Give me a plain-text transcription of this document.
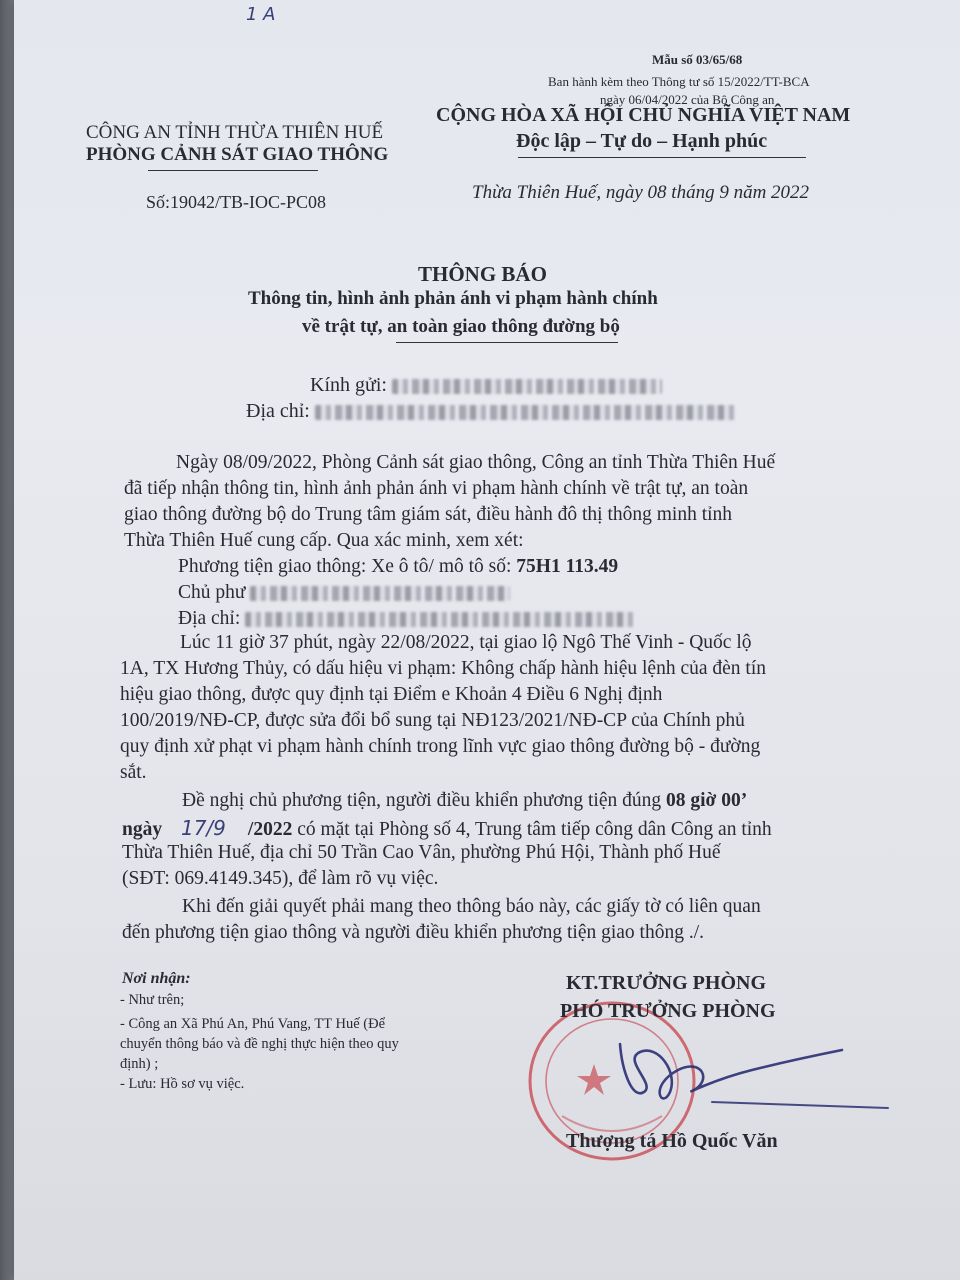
1 A
Mẫu số 03/65/68
Ban hành kèm theo Thông tư số 15/2022/TT-BCA
ngày 06/04/2022 của Bộ Công an
CÔNG AN TỈNH THỪA THIÊN HUẾ
PHÒNG CẢNH SÁT GIAO THÔNG
CỘNG HÒA XÃ HỘI CHỦ NGHĨA VIỆT NAM
Độc lập – Tự do – Hạnh phúc
Số:19042/TB-IOC-PC08	Thừa Thiên Huế, ngày 08 tháng 9 năm 2022
THÔNG BÁO
Thông tin, hình ảnh phản ánh vi phạm hành chính
về trật tự, an toàn giao thông đường bộ
Kính gửi:
Địa chỉ:
Ngày 08/09/2022, Phòng Cảnh sát giao thông, Công an tỉnh Thừa Thiên Huế
đã tiếp nhận thông tin, hình ảnh phản ánh vi phạm hành chính về trật tự, an toàn
giao thông đường bộ do Trung tâm giám sát, điều hành đô thị thông minh tỉnh
Thừa Thiên Huế cung cấp. Qua xác minh, xem xét:
Phương tiện giao thông: Xe ô tô/ mô tô số: 75H1 113.49
Chủ phư
Địa chỉ:
Lúc 11 giờ 37 phút, ngày 22/08/2022, tại giao lộ Ngô Thế Vinh - Quốc lộ
1A, TX Hương Thủy, có dấu hiệu vi phạm: Không chấp hành hiệu lệnh của đèn tín
hiệu giao thông, được quy định tại Điểm e Khoản 4 Điều 6 Nghị định
100/2019/NĐ-CP, được sửa đổi bổ sung tại NĐ123/2021/NĐ-CP của Chính phủ
quy định xử phạt vi phạm hành chính trong lĩnh vực giao thông đường bộ - đường
sắt.
Đề nghị chủ phương tiện, người điều khiển phương tiện đúng 08 giờ 00’
ngày 17/9 /2022 có mặt tại Phòng số 4, Trung tâm tiếp công dân Công an tỉnh
Thừa Thiên Huế, địa chỉ 50 Trần Cao Vân, phường Phú Hội, Thành phố Huế
(SĐT: 069.4149.345), để làm rõ vụ việc.
Khi đến giải quyết phải mang theo thông báo này, các giấy tờ có liên quan
đến phương tiện giao thông và người điều khiển phương tiện giao thông ./.
Nơi nhận:
- Như trên;
- Công an Xã Phú An, Phú Vang, TT Huế (Để
chuyển thông báo và đề nghị thực hiện theo quy
định) ;
- Lưu: Hồ sơ vụ việc.
KT.TRƯỞNG PHÒNG
PHÓ TRƯỞNG PHÒNG
Thượng tá Hồ Quốc Văn
